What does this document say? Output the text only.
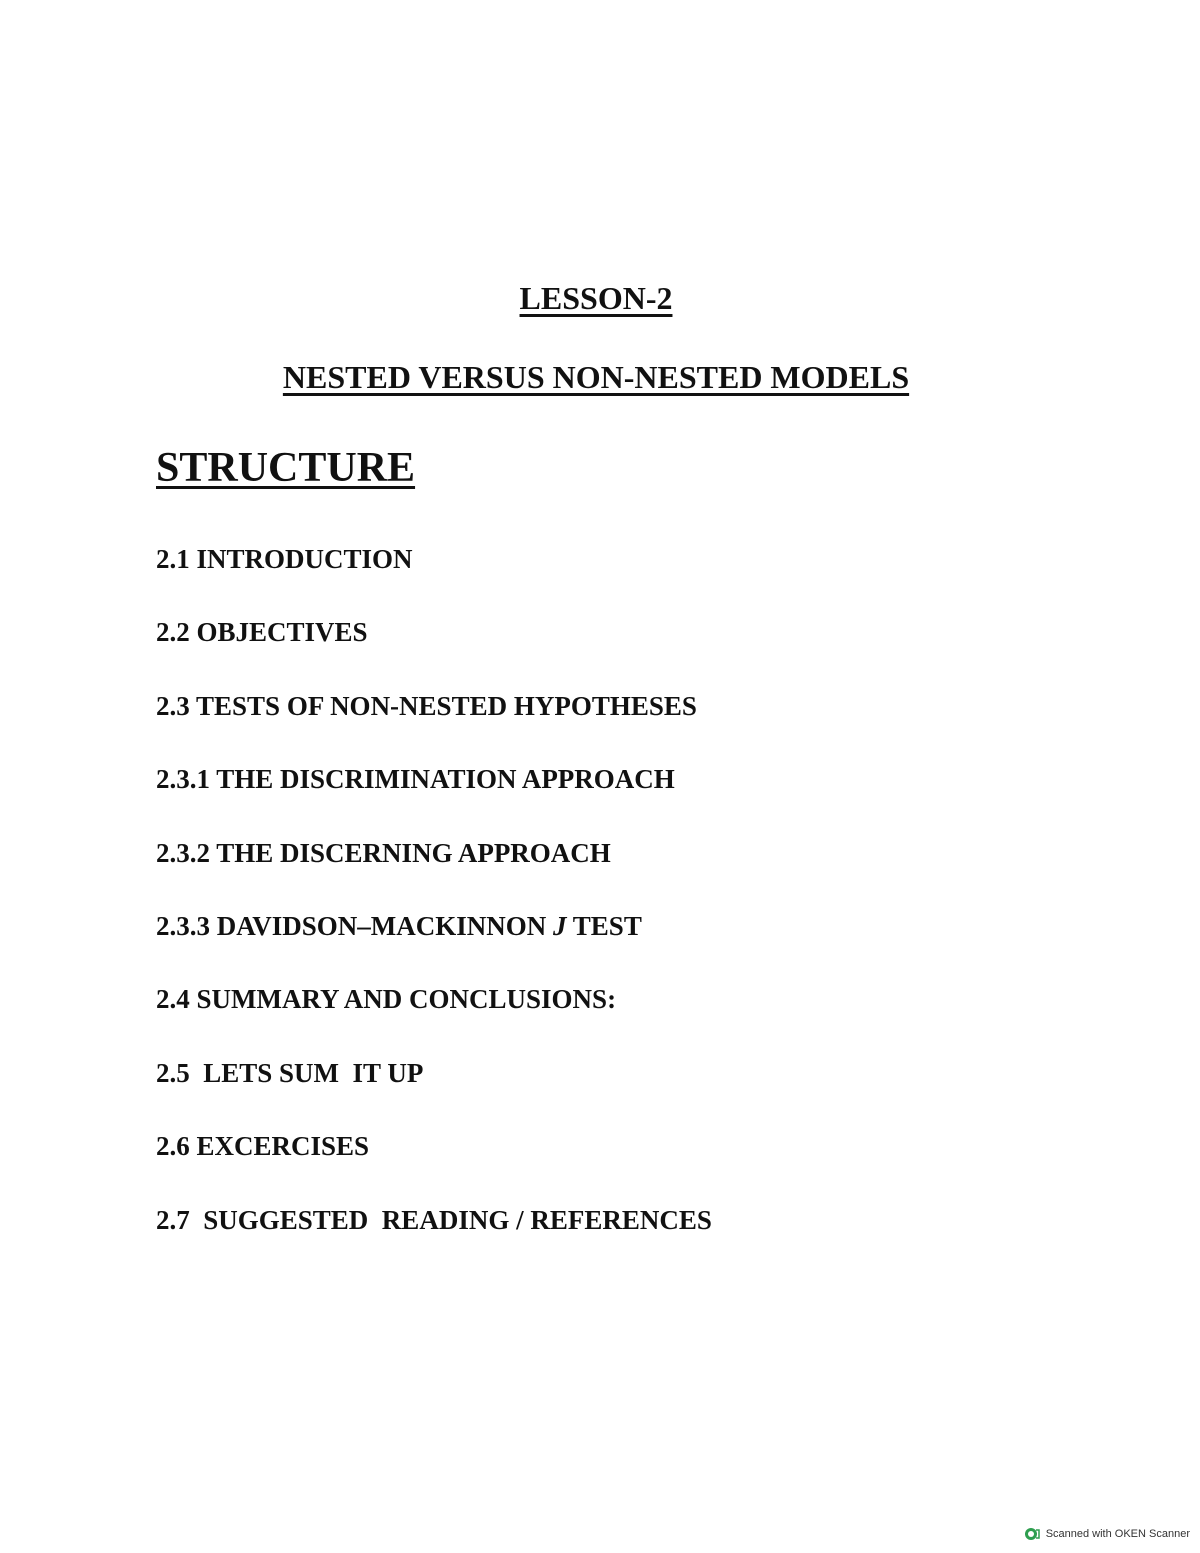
LESSON-2
NESTED VERSUS NON-NESTED MODELS
STRUCTURE
2.1 INTRODUCTION
2.2 OBJECTIVES
2.3 TESTS OF NON-NESTED HYPOTHESES
2.3.1 THE DISCRIMINATION APPROACH
2.3.2 THE DISCERNING APPROACH
2.3.3 DAVIDSON–MACKINNON J TEST
2.4 SUMMARY AND CONCLUSIONS:
2.5  LETS SUM  IT UP
2.6 EXCERCISES
2.7  SUGGESTED  READING / REFERENCES
Scanned with OKEN Scanner
